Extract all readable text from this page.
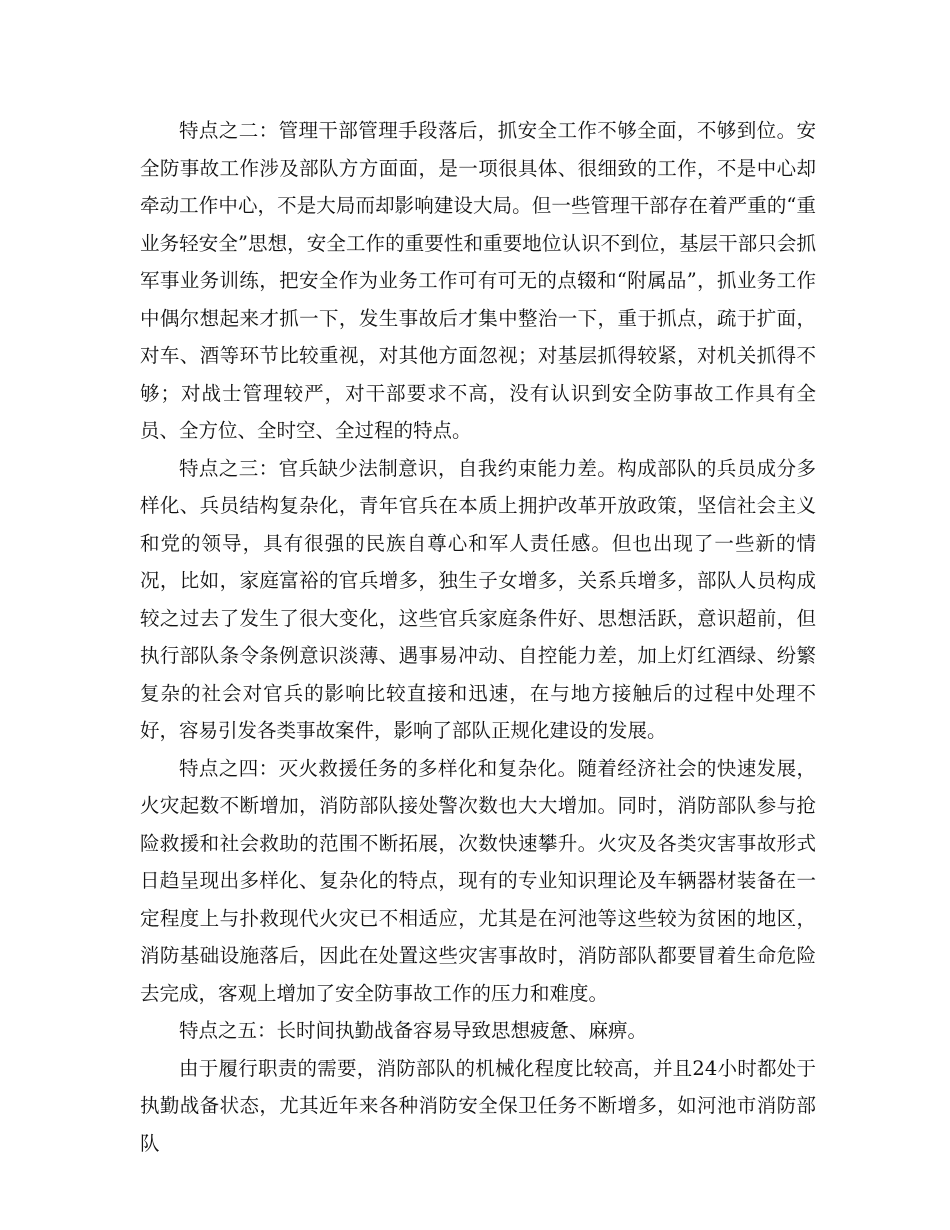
特点之二：管理干部管理手段落后，抓安全工作不够全面，不够到位。安全防事故工作涉及部队方方面面，是一项很具体、很细致的工作，不是中心却牵动工作中心，不是大局而却影响建设大局。但一些管理干部存在着严重的“重业务轻安全”思想，安全工作的重要性和重要地位认识不到位，基层干部只会抓军事业务训练，把安全作为业务工作可有可无的点辍和“附属品”，抓业务工作中偶尔想起来才抓一下，发生事故后才集中整治一下，重于抓点，疏于扩面，对车、酒等环节比较重视，对其他方面忽视；对基层抓得较紧，对机关抓得不够；对战士管理较严，对干部要求不高，没有认识到安全防事故工作具有全员、全方位、全时空、全过程的特点。

特点之三：官兵缺少法制意识，自我约束能力差。构成部队的兵员成分多样化、兵员结构复杂化，青年官兵在本质上拥护改革开放政策，坚信社会主义和党的领导，具有很强的民族自尊心和军人责任感。但也出现了一些新的情况，比如，家庭富裕的官兵增多，独生子女增多，关系兵增多，部队人员构成较之过去了发生了很大变化，这些官兵家庭条件好、思想活跃，意识超前，但执行部队条令条例意识淡薄、遇事易冲动、自控能力差，加上灯红酒绿、纷繁复杂的社会对官兵的影响比较直接和迅速，在与地方接触后的过程中处理不好，容易引发各类事故案件，影响了部队正规化建设的发展。

特点之四：灭火救援任务的多样化和复杂化。随着经济社会的快速发展，火灾起数不断增加，消防部队接处警次数也大大增加。同时，消防部队参与抢险救援和社会救助的范围不断拓展，次数快速攀升。火灾及各类灾害事故形式日趋呈现出多样化、复杂化的特点，现有的专业知识理论及车辆器材装备在一定程度上与扑救现代火灾已不相适应，尤其是在河池等这些较为贫困的地区，消防基础设施落后，因此在处置这些灾害事故时，消防部队都要冒着生命危险去完成，客观上增加了安全防事故工作的压力和难度。

特点之五：长时间执勤战备容易导致思想疲惫、麻痹。

由于履行职责的需要，消防部队的机械化程度比较高，并且24小时都处于执勤战备状态，尤其近年来各种消防安全保卫任务不断增多，如河池市消防部队
